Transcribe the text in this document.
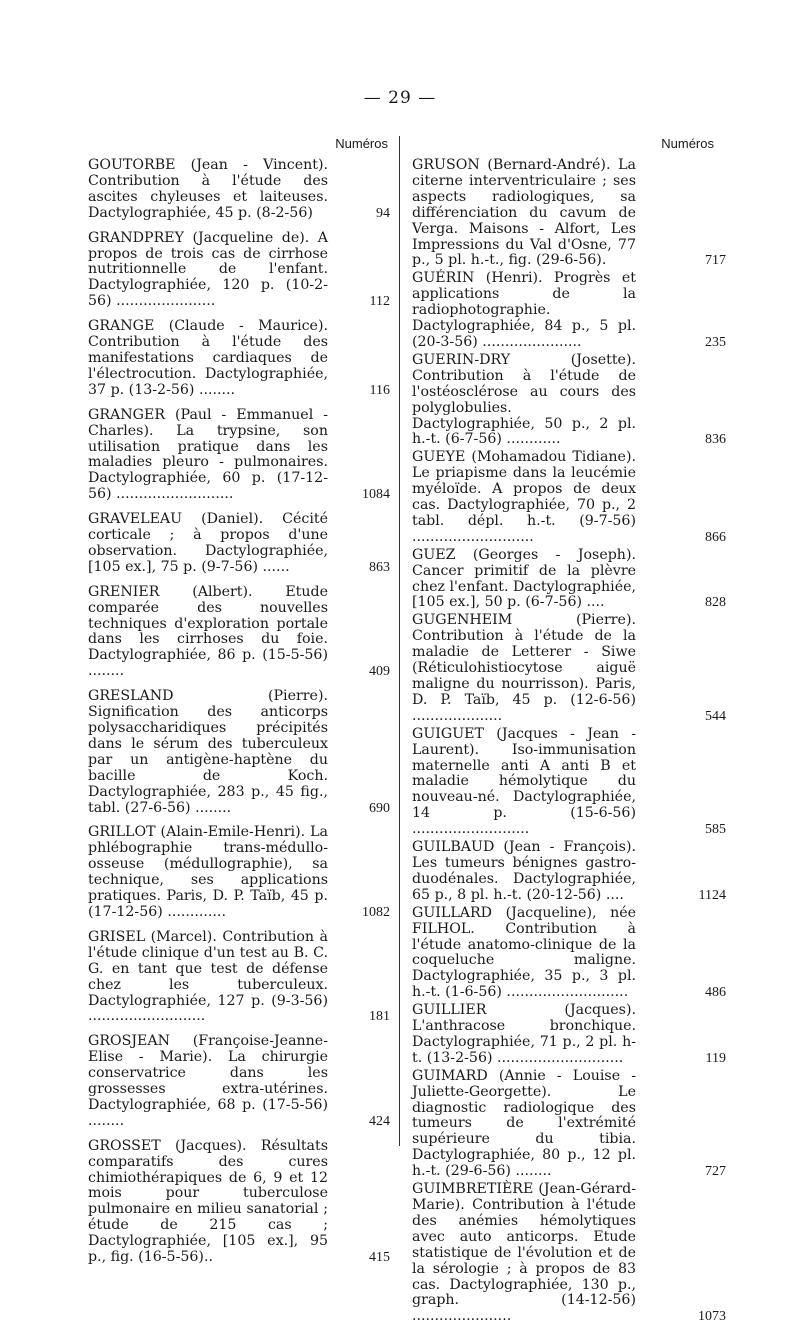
— 29 —
Numéros
GOUTORBE (Jean - Vincent). Contribution à l'étude des ascites chyleuses et laiteuses. Dactylographiée, 45 p. (8-2-56)	94
GRANDPREY (Jacqueline de). A propos de trois cas de cirrhose nutritionnelle de l'enfant. Dactylographiée, 120 p. (10-2-56) ......................	112
GRANGE (Claude - Maurice). Contribution à l'étude des manifestations cardiaques de l'électrocution. Dactylographiée, 37 p. (13-2-56) ........	116
GRANGER (Paul - Emmanuel - Charles). La trypsine, son utilisation pratique dans les maladies pleuro - pulmonaires. Dactylographiée, 60 p. (17-12-56) ..........................	1084
GRAVELEAU (Daniel). Cécité corticale ; à propos d'une observation. Dactylographiée, [105 ex.], 75 p. (9-7-56) ......	863
GRENIER (Albert). Etude comparée des nouvelles techniques d'exploration portale dans les cirrhoses du foie. Dactylographiée, 86 p. (15-5-56) ........	409
GRESLAND (Pierre). Signification des anticorps polysaccharidiques précipités dans le sérum des tuberculeux par un antigène-haptène du bacille de Koch. Dactylographiée, 283 p., 45 fig., tabl. (27-6-56) ........	690
GRILLOT (Alain-Emile-Henri). La phlébographie trans-médullo-osseuse (médullographie), sa technique, ses applications pratiques. Paris, D. P. Taïb, 45 p. (17-12-56) .............	1082
GRISEL (Marcel). Contribution à l'étude clinique d'un test au B. C. G. en tant que test de défense chez les tuberculeux. Dactylographiée, 127 p. (9-3-56) ..........................	181
GROSJEAN (Françoise-Jeanne-Elise - Marie). La chirurgie conservatrice dans les grossesses extra-utérines. Dactylographiée, 68 p. (17-5-56) ........	424
GROSSET (Jacques). Résultats comparatifs des cures chimiothérapiques de 6, 9 et 12 mois pour tuberculose pulmonaire en milieu sanatorial ; étude de 215 cas ; Dactylographiée, [105 ex.], 95 p., fig. (16-5-56)..	415
Numéros
GRUSON (Bernard-André). La citerne interventriculaire ; ses aspects radiologiques, sa différenciation du cavum de Verga. Maisons - Alfort, Les Impressions du Val d'Osne, 77 p., 5 pl. h.-t., fig. (29-6-56).	717
GUÉRIN (Henri). Progrès et applications de la radiophotographie. Dactylographiée, 84 p., 5 pl. (20-3-56) ......................	235
GUERIN-DRY (Josette). Contribution à l'étude de l'ostéosclérose au cours des polyglobulies. Dactylographiée, 50 p., 2 pl. h.-t. (6-7-56) ............	836
GUEYE (Mohamadou Tidiane). Le priapisme dans la leucémie myéloïde. A propos de deux cas. Dactylographiée, 70 p., 2 tabl. dépl. h.-t. (9-7-56) ...........................	866
GUEZ (Georges - Joseph). Cancer primitif de la plèvre chez l'enfant. Dactylographiée, [105 ex.], 50 p. (6-7-56) ....	828
GUGENHEIM (Pierre). Contribution à l'étude de la maladie de Letterer - Siwe (Réticulohistiocytose aiguë maligne du nourrisson). Paris, D. P. Taïb, 45 p. (12-6-56) ....................	544
GUIGUET (Jacques - Jean - Laurent). Iso-immunisation maternelle anti A anti B et maladie hémolytique du nouveau-né. Dactylographiée, 14 p. (15-6-56) ..........................	585
GUILBAUD (Jean - François). Les tumeurs bénignes gastro-duodénales. Dactylographiée, 65 p., 8 pl. h.-t. (20-12-56) ....	1124
GUILLARD (Jacqueline), née FILHOL. Contribution à l'étude anatomo-clinique de la coqueluche maligne. Dactylographiée, 35 p., 3 pl. h.-t. (1-6-56) ...........................	486
GUILLIER (Jacques). L'anthracose bronchique. Dactylographiée, 71 p., 2 pl. h-t. (13-2-56) ............................	119
GUIMARD (Annie - Louise - Juliette-Georgette). Le diagnostic radiologique des tumeurs de l'extrémité supérieure du tibia. Dactylographiée, 80 p., 12 pl. h.-t. (29-6-56) ........	727
GUIMBRETIÈRE (Jean-Gérard-Marie). Contribution à l'étude des anémies hémolytiques avec auto anticorps. Etude statistique de l'évolution et de la sérologie ; à propos de 83 cas. Dactylographiée, 130 p., graph. (14-12-56) ......................	1073
